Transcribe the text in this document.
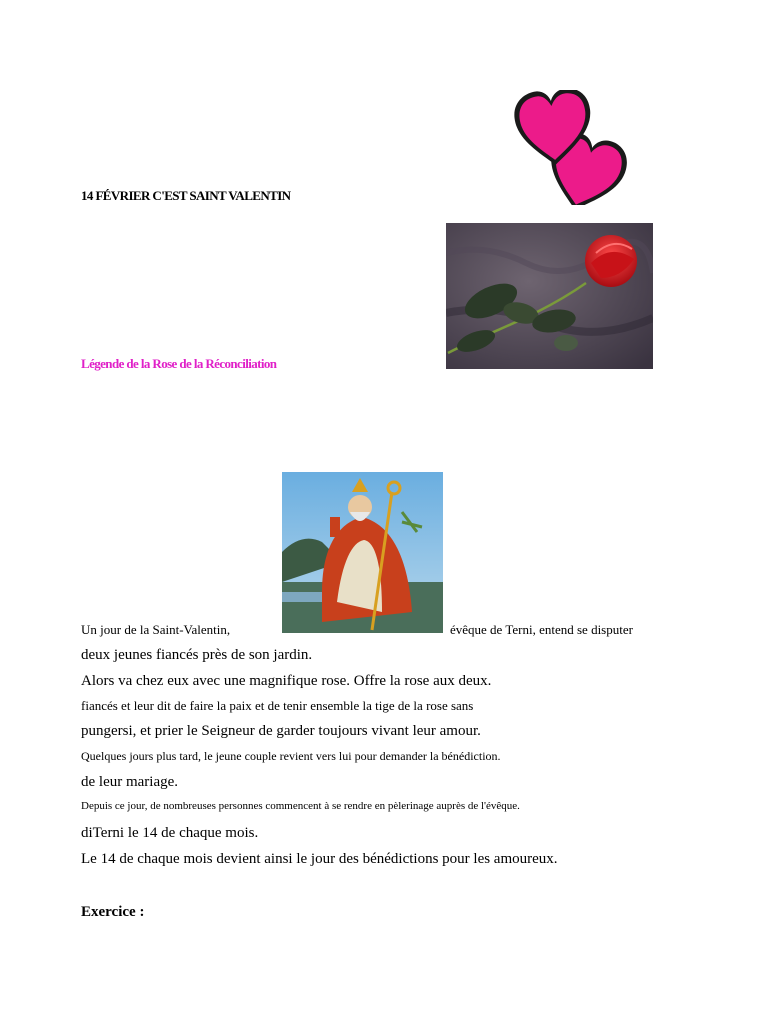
14 FÉVRIER C'EST SAINT VALENTIN
Légende de la Rose de la Réconciliation
Un jour de la Saint-Valentin,	évêque de Terni, entend se disputer
deux jeunes fiancés près de son jardin.
Alors va chez eux avec une magnifique rose. Offre la rose aux deux.
fiancés et leur dit de faire la paix et de tenir ensemble la tige de la rose sans
pungersi, et prier le Seigneur de garder toujours vivant leur amour.
Quelques jours plus tard, le jeune couple revient vers lui pour demander la bénédiction.
de leur mariage.
Depuis ce jour, de nombreuses personnes commencent à se rendre en pèlerinage auprès de l'évêque.
diTerni le 14 de chaque mois.
Le 14 de chaque mois devient ainsi le jour des bénédictions pour les amoureux.
Exercice :
